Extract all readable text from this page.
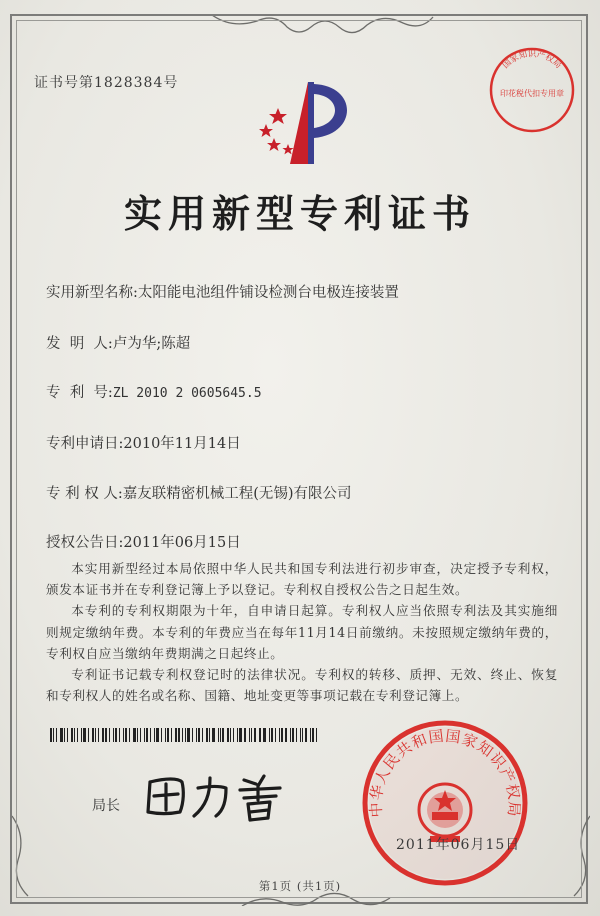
证书号第1828384号
实用新型专利证书
实用新型名称:太阳能电池组件铺设检测台电极连接装置
发  明  人:卢为华;陈超
专  利  号:ZL 2010 2 0605645.5
专利申请日:2010年11月14日
专 利 权 人:嘉友联精密机械工程(无锡)有限公司
授权公告日:2011年06月15日

本实用新型经过本局依照中华人民共和国专利法进行初步审查，决定授予专利权，颁发本证书并在专利登记簿上予以登记。专利权自授权公告之日起生效。

本专利的专利权期限为十年，自申请日起算。专利权人应当依照专利法及其实施细则规定缴纳年费。本专利的年费应当在每年11月14日前缴纳。未按照规定缴纳年费的，专利权自应当缴纳年费期满之日起终止。

专利证书记载专利权登记时的法律状况。专利权的转移、质押、无效、终止、恢复和专利权人的姓名或名称、国籍、地址变更等事项记载在专利登记簿上。

局长	中华人民共和国国家知识产权局
2011年06月15日
国家知识产权局
印花税代扣专用章
第1页 (共1页)
